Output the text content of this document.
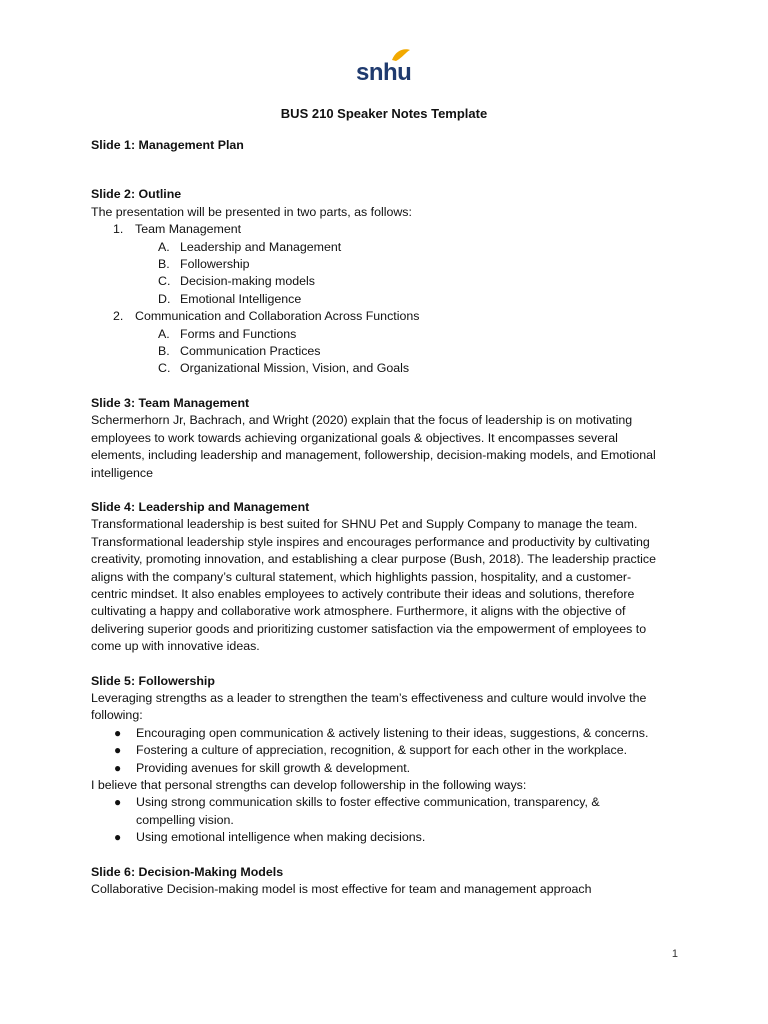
snhu
BUS 210 Speaker Notes Template
Slide 1: Management Plan
Slide 2: Outline
The presentation will be presented in two parts, as follows:
1. Team Management
A. Leadership and Management
B. Followership
C. Decision-making models
D. Emotional Intelligence
2. Communication and Collaboration Across Functions
A. Forms and Functions
B. Communication Practices
C. Organizational Mission, Vision, and Goals
Slide 3: Team Management
Schermerhorn Jr, Bachrach, and Wright (2020) explain that the focus of leadership is on motivating
employees to work towards achieving organizational goals & objectives. It encompasses several
elements, including leadership and management, followership, decision-making models, and Emotional
intelligence
Slide 4: Leadership and Management
Transformational leadership is best suited for SHNU Pet and Supply Company to manage the team.
Transformational leadership style inspires and encourages performance and productivity by cultivating
creativity, promoting innovation, and establishing a clear purpose (Bush, 2018). The leadership practice
aligns with the company’s cultural statement, which highlights passion, hospitality, and a customer-
centric mindset. It also enables employees to actively contribute their ideas and solutions, therefore
cultivating a happy and collaborative work atmosphere. Furthermore, it aligns with the objective of
delivering superior goods and prioritizing customer satisfaction via the empowerment of employees to
come up with innovative ideas.
Slide 5: Followership
Leveraging strengths as a leader to strengthen the team’s effectiveness and culture would involve the
following:
● Encouraging open communication & actively listening to their ideas, suggestions, & concerns.
● Fostering a culture of appreciation, recognition, & support for each other in the workplace.
● Providing avenues for skill growth & development.
I believe that personal strengths can develop followership in the following ways:
● Using strong communication skills to foster effective communication, transparency, &
compelling vision.
● Using emotional intelligence when making decisions.
Slide 6: Decision-Making Models
Collaborative Decision-making model is most effective for team and management approach
1
